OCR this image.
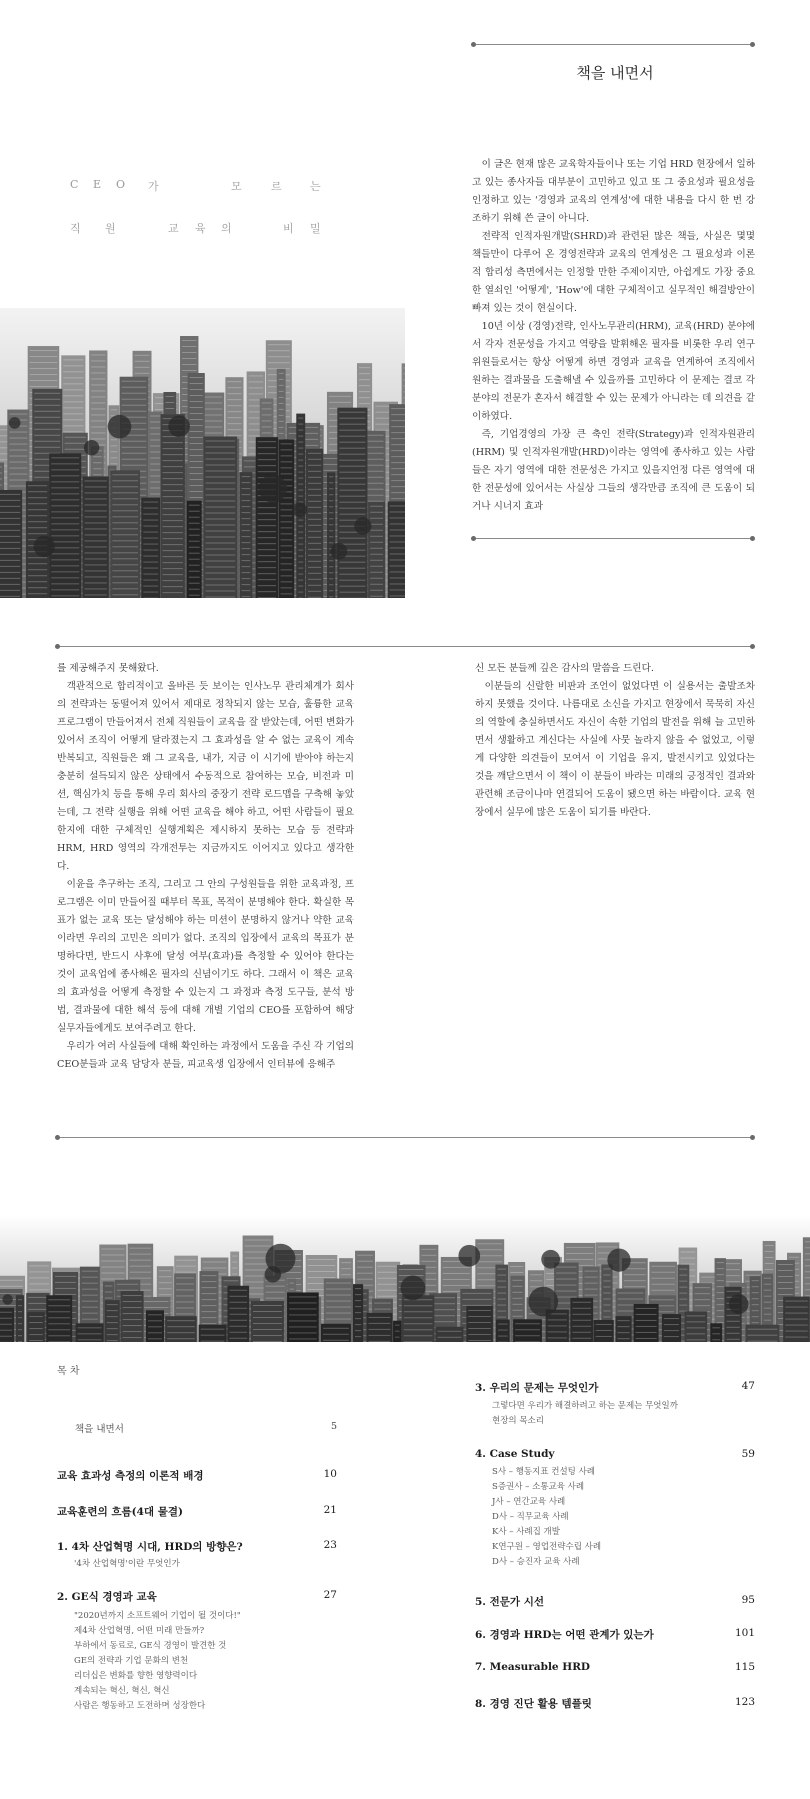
책을 내면서
C E O 가	모	르	는
직 원	교 육 의	비 밀

이 글은 현재 많은 교육학자들이나 또는 기업 HRD 현장에서 일하고 있는 종사자들 대부분이 고민하고 있고 또 그 중요성과 필요성을 인정하고 있는 '경영과 교육의 연계성'에 대한 내용을 다시 한 번 강조하기 위해 쓴 글이 아니다.

전략적 인적자원개발(SHRD)과 관련된 많은 책들, 사실은 몇몇 책들만이 다루어 온 경영전략과 교육의 연계성은 그 필요성과 이론적 합리성 측면에서는 인정할 만한 주제이지만, 아쉽게도 가장 중요한 열쇠인 '어떻게', 'How'에 대한 구체적이고 실무적인 해결방안이 빠져 있는 것이 현실이다.

10년 이상 (경영)전략, 인사노무관리(HRM), 교육(HRD) 분야에서 각자 전문성을 가지고 역량을 발휘해온 필자를 비롯한 우리 연구위원들로서는 항상 어떻게 하면 경영과 교육을 연계하여 조직에서 원하는 결과물을 도출해낼 수 있을까를 고민하다 이 문제는 결코 각 분야의 전문가 혼자서 해결할 수 있는 문제가 아니라는 데 의견을 같이하였다.

즉, 기업경영의 가장 큰 축인 전략(Strategy)과 인적자원관리(HRM) 및 인적자원개발(HRD)이라는 영역에 종사하고 있는 사람들은 자기 영역에 대한 전문성은 가지고 있을지언정 다른 영역에 대한 전문성에 있어서는 사실상 그들의 생각만큼 조직에 큰 도움이 되거나 시너지 효과

를 제공해주지 못해왔다.

객관적으로 합리적이고 올바른 듯 보이는 인사노무 관리체계가 회사의 전략과는 동떨어져 있어서 제대로 정착되지 않는 모습, 훌륭한 교육 프로그램이 만들어져서 전체 직원들이 교육을 잘 받았는데, 어떤 변화가 있어서 조직이 어떻게 달라졌는지 그 효과성을 알 수 없는 교육이 계속 반복되고, 직원들은 왜 그 교육을, 내가, 지금 이 시기에 받아야 하는지 충분히 설득되지 않은 상태에서 수동적으로 참여하는 모습, 비전과 미션, 핵심가치 등을 통해 우리 회사의 중장기 전략 로드맵을 구축해 놓았는데, 그 전략 실행을 위해 어떤 교육을 해야 하고, 어떤 사람들이 필요한지에 대한 구체적인 실행계획은 제시하지 못하는 모습 등 전략과 HRM, HRD 영역의 각개전투는 지금까지도 이어지고 있다고 생각한다.

이윤을 추구하는 조직, 그리고 그 안의 구성원들을 위한 교육과정, 프로그램은 이미 만들어질 때부터 목표, 목적이 분명해야 한다. 확실한 목표가 없는 교육 또는 달성해야 하는 미션이 분명하지 않거나 약한 교육이라면 우리의 고민은 의미가 없다. 조직의 입장에서 교육의 목표가 분명하다면, 반드시 사후에 달성 여부(효과)를 측정할 수 있어야 한다는 것이 교육업에 종사해온 필자의 신념이기도 하다. 그래서 이 책은 교육의 효과성을 어떻게 측정할 수 있는지 그 과정과 측정 도구들, 분석 방법, 결과물에 대한 해석 등에 대해 개별 기업의 CEO를 포함하여 해당 실무자들에게도 보여주려고 한다.

우리가 여러 사실들에 대해 확인하는 과정에서 도움을 주신 각 기업의 CEO분들과 교육 담당자 분들, 피교육생 입장에서 인터뷰에 응해주

신 모든 분들께 깊은 감사의 말씀을 드린다.

이분들의 신랄한 비판과 조언이 없었다면 이 실용서는 출발조차 하지 못했을 것이다. 나름대로 소신을 가지고 현장에서 묵묵히 자신의 역할에 충실하면서도 자신이 속한 기업의 발전을 위해 늘 고민하면서 생활하고 계신다는 사실에 사뭇 놀라지 않을 수 없었고, 이렇게 다양한 의견들이 모여서 이 기업을 유지, 발전시키고 있었다는 것을 깨닫으면서 이 책이 이 분들이 바라는 미래의 긍정적인 결과와 관련해 조금이나마 연결되어 도움이 됐으면 하는 바람이다. 교육 현장에서 실무에 많은 도움이 되기를 바란다.

목 차
책을 내면서	5
교육 효과성 측정의 이론적 배경	10
교육훈련의 흐름(4대 물결)	21
1. 4차 산업혁명 시대, HRD의 방향은?	23
'4차 산업혁명'이란 무엇인가
2. GE식 경영과 교육	27
"2020년까지 소프트웨어 기업이 될 것이다!"
제4차 산업혁명, 어떤 미래 만들까?
부하에서 동료로, GE식 경영이 발견한 것
GE의 전략과 기업 문화의 변천
리더십은 변화를 향한 영향력이다
계속되는 혁신, 혁신, 혁신
사람은 행동하고 도전하며 성장한다
3. 우리의 문제는 무엇인가	47
그렇다면 우리가 해결하려고 하는 문제는 무엇일까
현장의 목소리
4. Case Study	59
S사 – 행동지표 컨설팅 사례
S증권사 – 소통교육 사례
J사 – 연간교육 사례
D사 – 직무교육 사례
K사 – 사례집 개발
K연구원 – 영업전략수립 사례
D사 – 승진자 교육 사례
5. 전문가 시선	95
6. 경영과 HRD는 어떤 관계가 있는가	101
7. Measurable HRD	115
8. 경영 진단 활용 템플릿	123
